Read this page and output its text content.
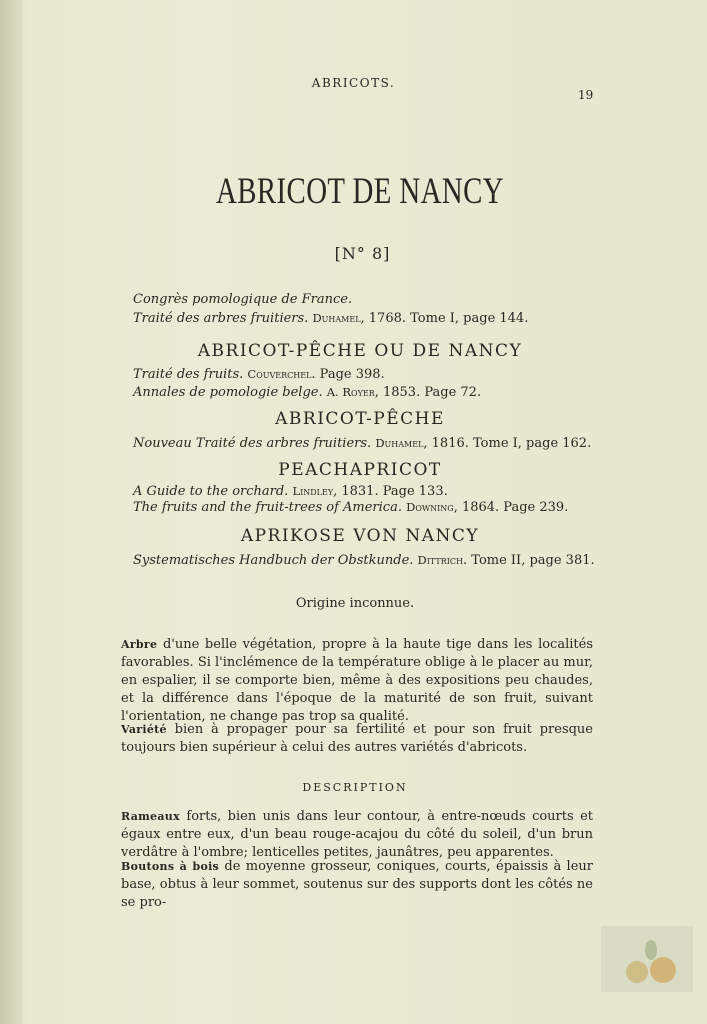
ABRICOTS.
19
ABRICOT DE NANCY
[N° 8]
Congrès pomologique de France.
Traité des arbres fruitiers. Duhamel, 1768. Tome I, page 144.
ABRICOT-PÊCHE OU DE NANCY
Traité des fruits. Couverchel. Page 398.
Annales de pomologie belge. A. Royer, 1853. Page 72.
ABRICOT-PÊCHE
Nouveau Traité des arbres fruitiers. Duhamel, 1816. Tome I, page 162.
PEACHAPRICOT
A Guide to the orchard. Lindley, 1831. Page 133.
The fruits and the fruit-trees of America. Downing, 1864. Page 239.
APRIKOSE VON NANCY
Systematisches Handbuch der Obstkunde. Dittrich. Tome II, page 381.
Origine inconnue.

Arbre d'une belle végétation, propre à la haute tige dans les localités favorables. Si l'inclémence de la température oblige à le placer au mur, en espalier, il se comporte bien, même à des expositions peu chaudes, et la différence dans l'époque de la maturité de son fruit, suivant l'orientation, ne change pas trop sa qualité.

Variété bien à propager pour sa fertilité et pour son fruit presque toujours bien supérieur à celui des autres variétés d'abricots.

DESCRIPTION

Rameaux forts, bien unis dans leur contour, à entre-nœuds courts et égaux entre eux, d'un beau rouge-acajou du côté du soleil, d'un brun verdâtre à l'ombre; lenticelles petites, jaunâtres, peu apparentes.

Boutons à bois de moyenne grosseur, coniques, courts, épaissis à leur base, obtus à leur sommet, soutenus sur des supports dont les côtés ne se pro-
